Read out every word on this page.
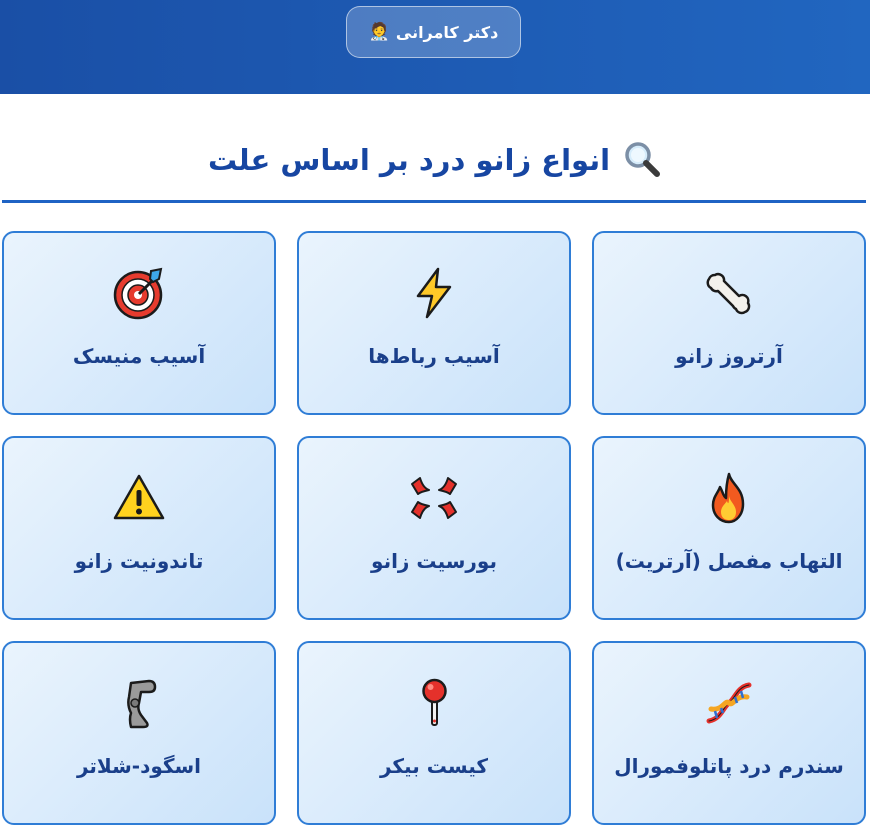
دکتر کامرانی
🧑‍⚕️
انواع زانو درد بر اساس علت
آرتروز زانو
آسیب رباط‌ها
آسیب منیسک
التهاب مفصل (آرتریت)
بورسیت زانو
تاندونیت زانو
سندرم درد پاتلوفمورال
کیست بیکر
اسگود-شلاتر
